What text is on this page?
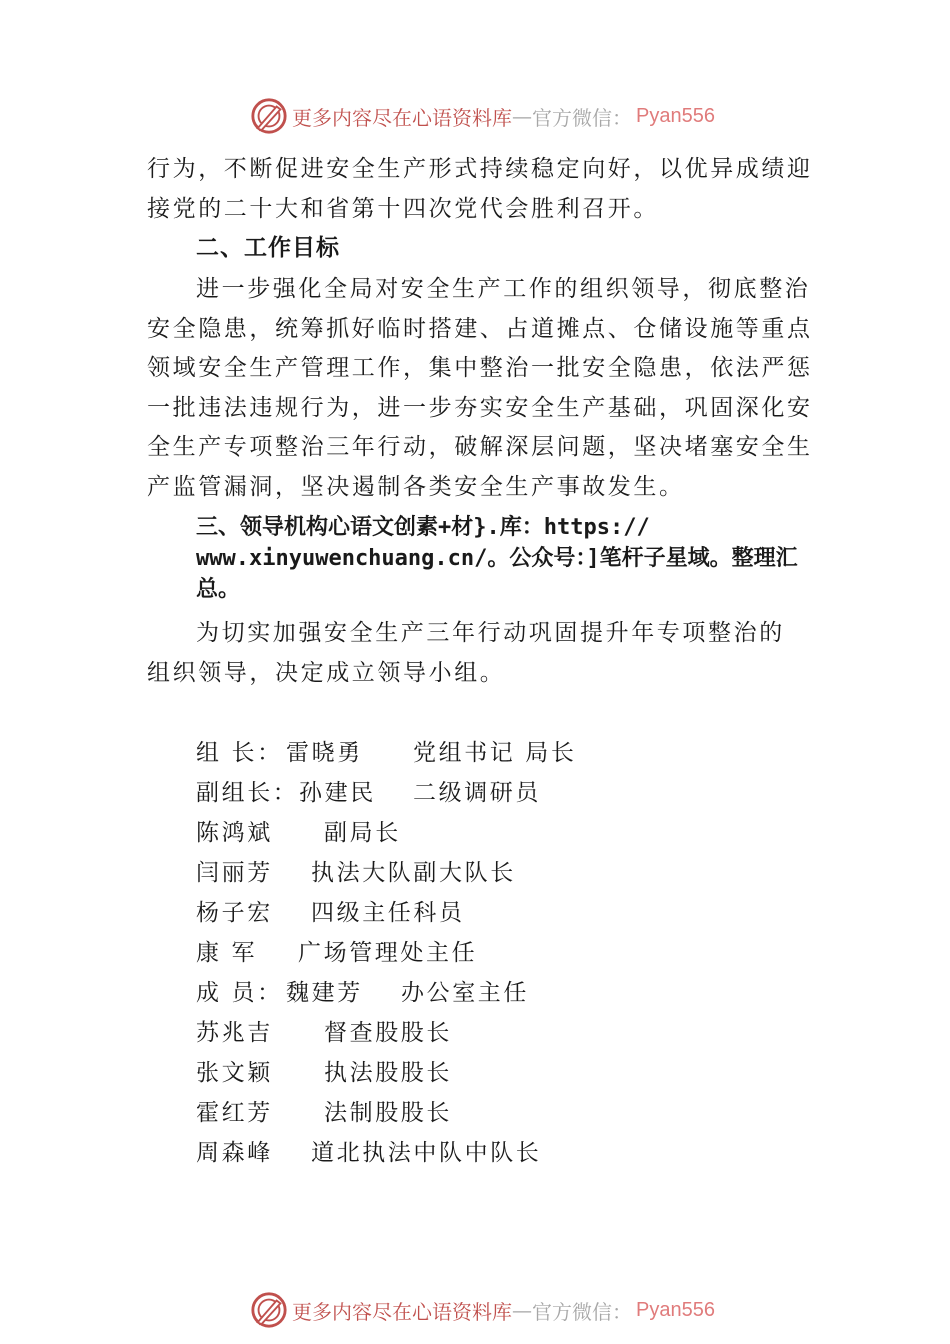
更多内容尽在心语资料库 — 官方微信： Pyan556
行为，不断促进安全生产形式持续稳定向好，以优异成绩迎
接党的二十大和省第十四次党代会胜利召开。
二、工作目标
进一步强化全局对安全生产工作的组织领导，彻底整治
安全隐患，统筹抓好临时搭建、占道摊点、仓储设施等重点
领域安全生产管理工作，集中整治一批安全隐患，依法严惩
一批违法违规行为，进一步夯实安全生产基础，巩固深化安
全生产专项整治三年行动，破解深层问题，坚决堵塞安全生
产监管漏洞，坚决遏制各类安全生产事故发生。
三、领导机构心语文创素+材}.库：https://
www.xinyuwenchuang.cn/。公众号：]笔杆子星域。整理汇
总。
为切实加强安全生产三年行动巩固提升年专项整治的
组织领导，决定成立领导小组。
组 长： 雷晓勇 党组书记 局长
副组长： 孙建民 二级调研员
陈鸿斌 副局长
闫丽芳 执法大队副大队长
杨子宏 四级主任科员
康 军 广场管理处主任
成 员： 魏建芳 办公室主任
苏兆吉 督查股股长
张文颖 执法股股长
霍红芳 法制股股长
周森峰 道北执法中队中队长
更多内容尽在心语资料库 — 官方微信： Pyan556
